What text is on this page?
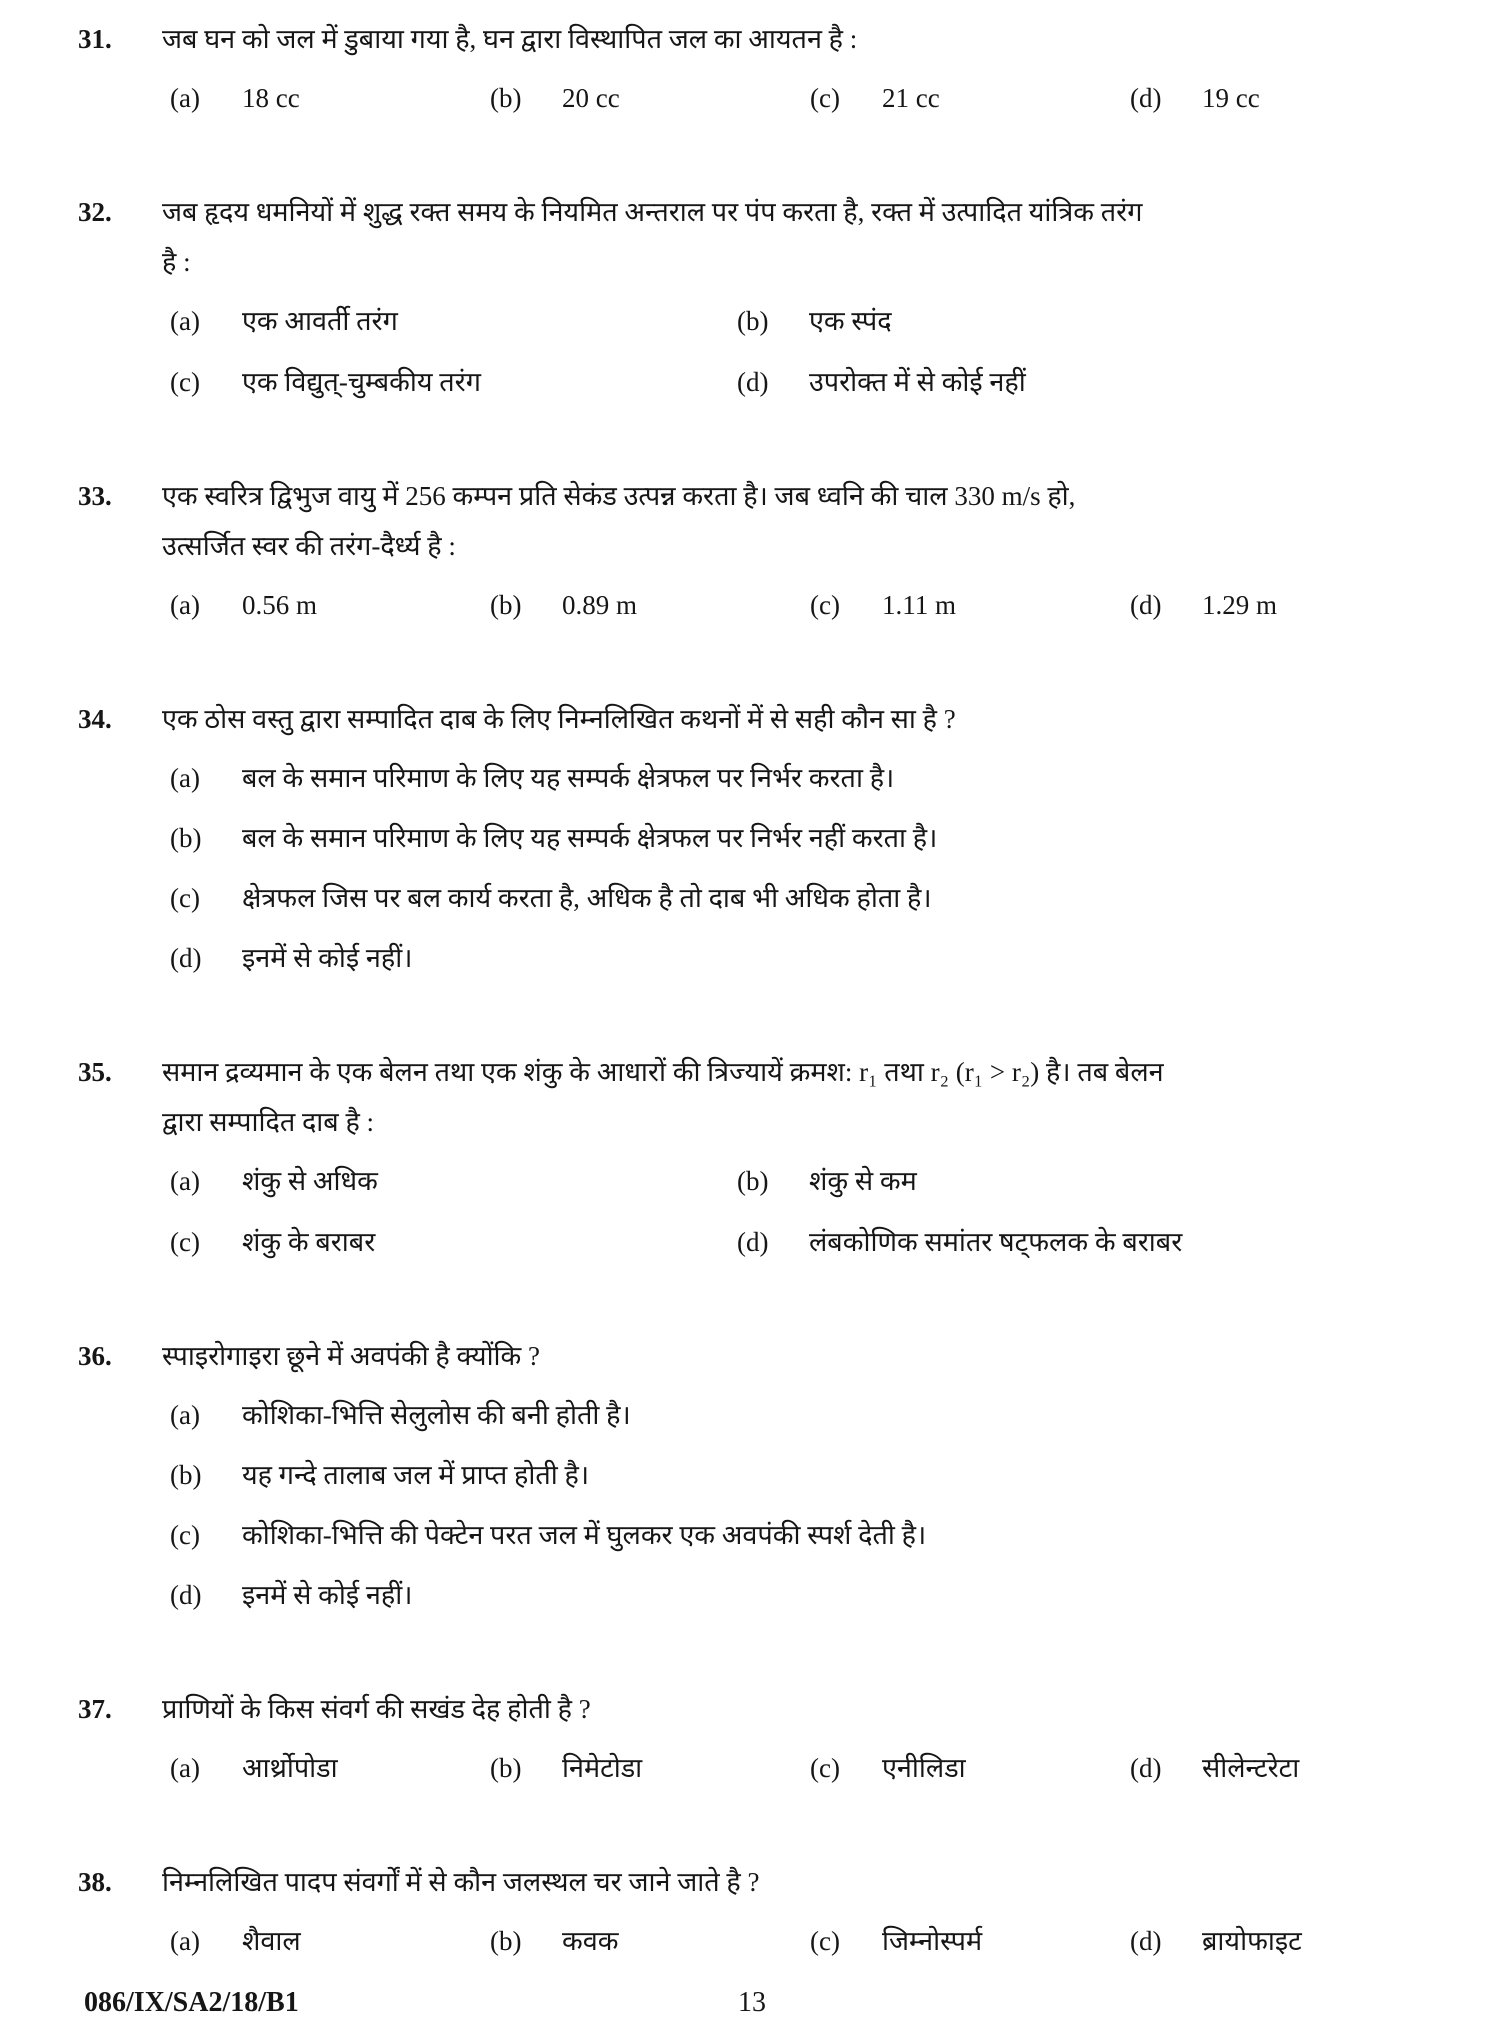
31.	जब घन को जल में डुबाया गया है, घन द्वारा विस्थापित जल का आयतन है :
(a) 18 cc	(b) 20 cc	(c) 21 cc	(d) 19 cc
32.	जब हृदय धमनियों में शुद्ध रक्त समय के नियमित अन्तराल पर पंप करता है, रक्त में उत्पादित यांत्रिक तरंग
है :
(a) एक आवर्ती तरंग	(b) एक स्पंद
(c) एक विद्युत्-चुम्बकीय तरंग	(d) उपरोक्त में से कोई नहीं
33.	एक स्वरित्र द्विभुज वायु में 256 कम्पन प्रति सेकंड उत्पन्न करता है। जब ध्वनि की चाल 330 m/s हो,
उत्सर्जित स्वर की तरंग-दैर्ध्य है :
(a) 0.56 m	(b) 0.89 m	(c) 1.11 m	(d) 1.29 m
34.	एक ठोस वस्तु द्वारा सम्पादित दाब के लिए निम्नलिखित कथनों में से सही कौन सा है ?
(a) बल के समान परिमाण के लिए यह सम्पर्क क्षेत्रफल पर निर्भर करता है।
(b) बल के समान परिमाण के लिए यह सम्पर्क क्षेत्रफल पर निर्भर नहीं करता है।
(c) क्षेत्रफल जिस पर बल कार्य करता है, अधिक है तो दाब भी अधिक होता है।
(d) इनमें से कोई नहीं।
35.	समान द्रव्यमान के एक बेलन तथा एक शंकु के आधारों की त्रिज्यायें क्रमश: r₁ तथा r₂ (r₁ > r₂) है। तब बेलन
द्वारा सम्पादित दाब है :
(a) शंकु से अधिक	(b) शंकु से कम
(c) शंकु के बराबर	(d) लंबकोणिक समांतर षट्फलक के बराबर
36.	स्पाइरोगाइरा छूने में अवपंकी है क्योंकि ?
(a) कोशिका-भित्ति सेलुलोस की बनी होती है।
(b) यह गन्दे तालाब जल में प्राप्त होती है।
(c) कोशिका-भित्ति की पेक्टेन परत जल में घुलकर एक अवपंकी स्पर्श देती है।
(d) इनमें से कोई नहीं।
37.	प्राणियों के किस संवर्ग की सखंड देह होती है ?
(a) आर्थ्रोपोडा	(b) निमेटोडा	(c) एनीलिडा	(d) सीलेन्टरेटा
38.	निम्नलिखित पादप संवर्गों में से कौन जलस्थल चर जाने जाते है ?
(a) शैवाल	(b) कवक	(c) जिम्नोस्पर्म	(d) ब्रायोफाइट
086/IX/SA2/18/B1	13
